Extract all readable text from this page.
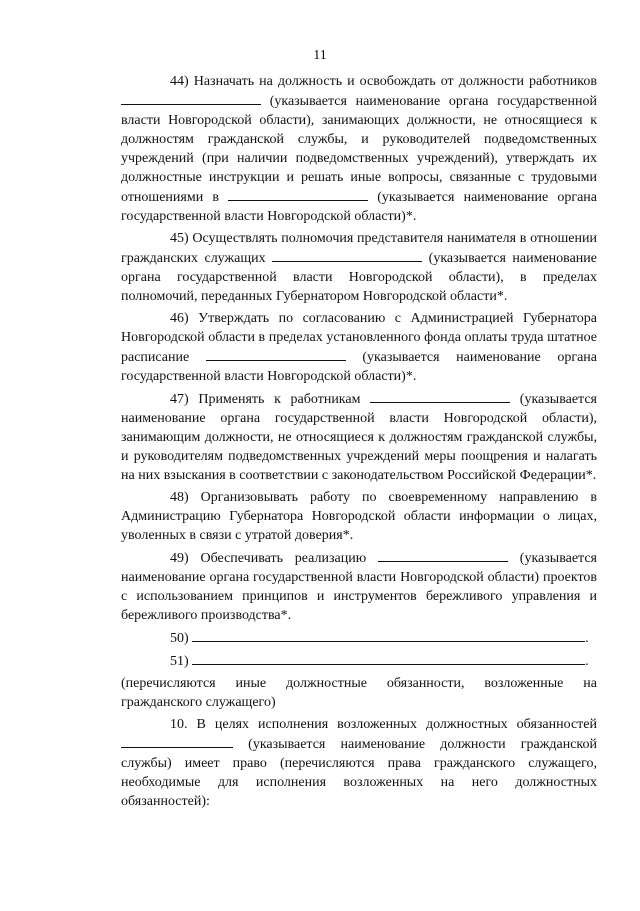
11

44) Назначать на должность и освобождать от должности работников  (указывается наименование органа государственной власти Новгородской области), занимающих должности, не относящиеся к должностям гражданской службы, и руководителей подведомственных учреждений (при наличии подведомственных учреждений), утверждать их должностные инструкции и решать иные вопросы, связанные с трудовыми отношениями в	(указывается наименование органа государственной власти Новгородской области)*.

45) Осуществлять полномочия представителя нанимателя в отношении гражданских служащих	(указывается наименование органа государственной власти Новгородской области), в пределах полномочий, переданных Губернатором Новгородской области*.

46) Утверждать по согласованию с Администрацией Губернатора Новгородской области в пределах установленного фонда оплаты труда штатное расписание	(указывается наименование органа государственной власти Новгородской области)*.

47) Применять к работникам	(указывается наименование органа государственной власти Новгородской области), занимающим должности, не относящиеся к должностям гражданской службы, и руководителям подведомственных учреждений меры поощрения и налагать на них взыскания в соответствии с законодательством Российской Федерации*.

48) Организовывать работу по своевременному направлению в Администрацию Губернатора Новгородской области информации о лицах, уволенных в связи с утратой доверия*.

49) Обеспечивать реализацию	(указывается наименование органа государственной власти Новгородской области) проектов с использованием принципов и инструментов бережливого управления и бережливого производства*.

50)	.

51)	.

(перечисляются иные должностные обязанности, возложенные на гражданского служащего)

10. В целях исполнения возложенных должностных обязанностей  (указывается наименование должности гражданской службы) имеет право (перечисляются права гражданского служащего, необходимые для исполнения возложенных на него должностных обязанностей):
